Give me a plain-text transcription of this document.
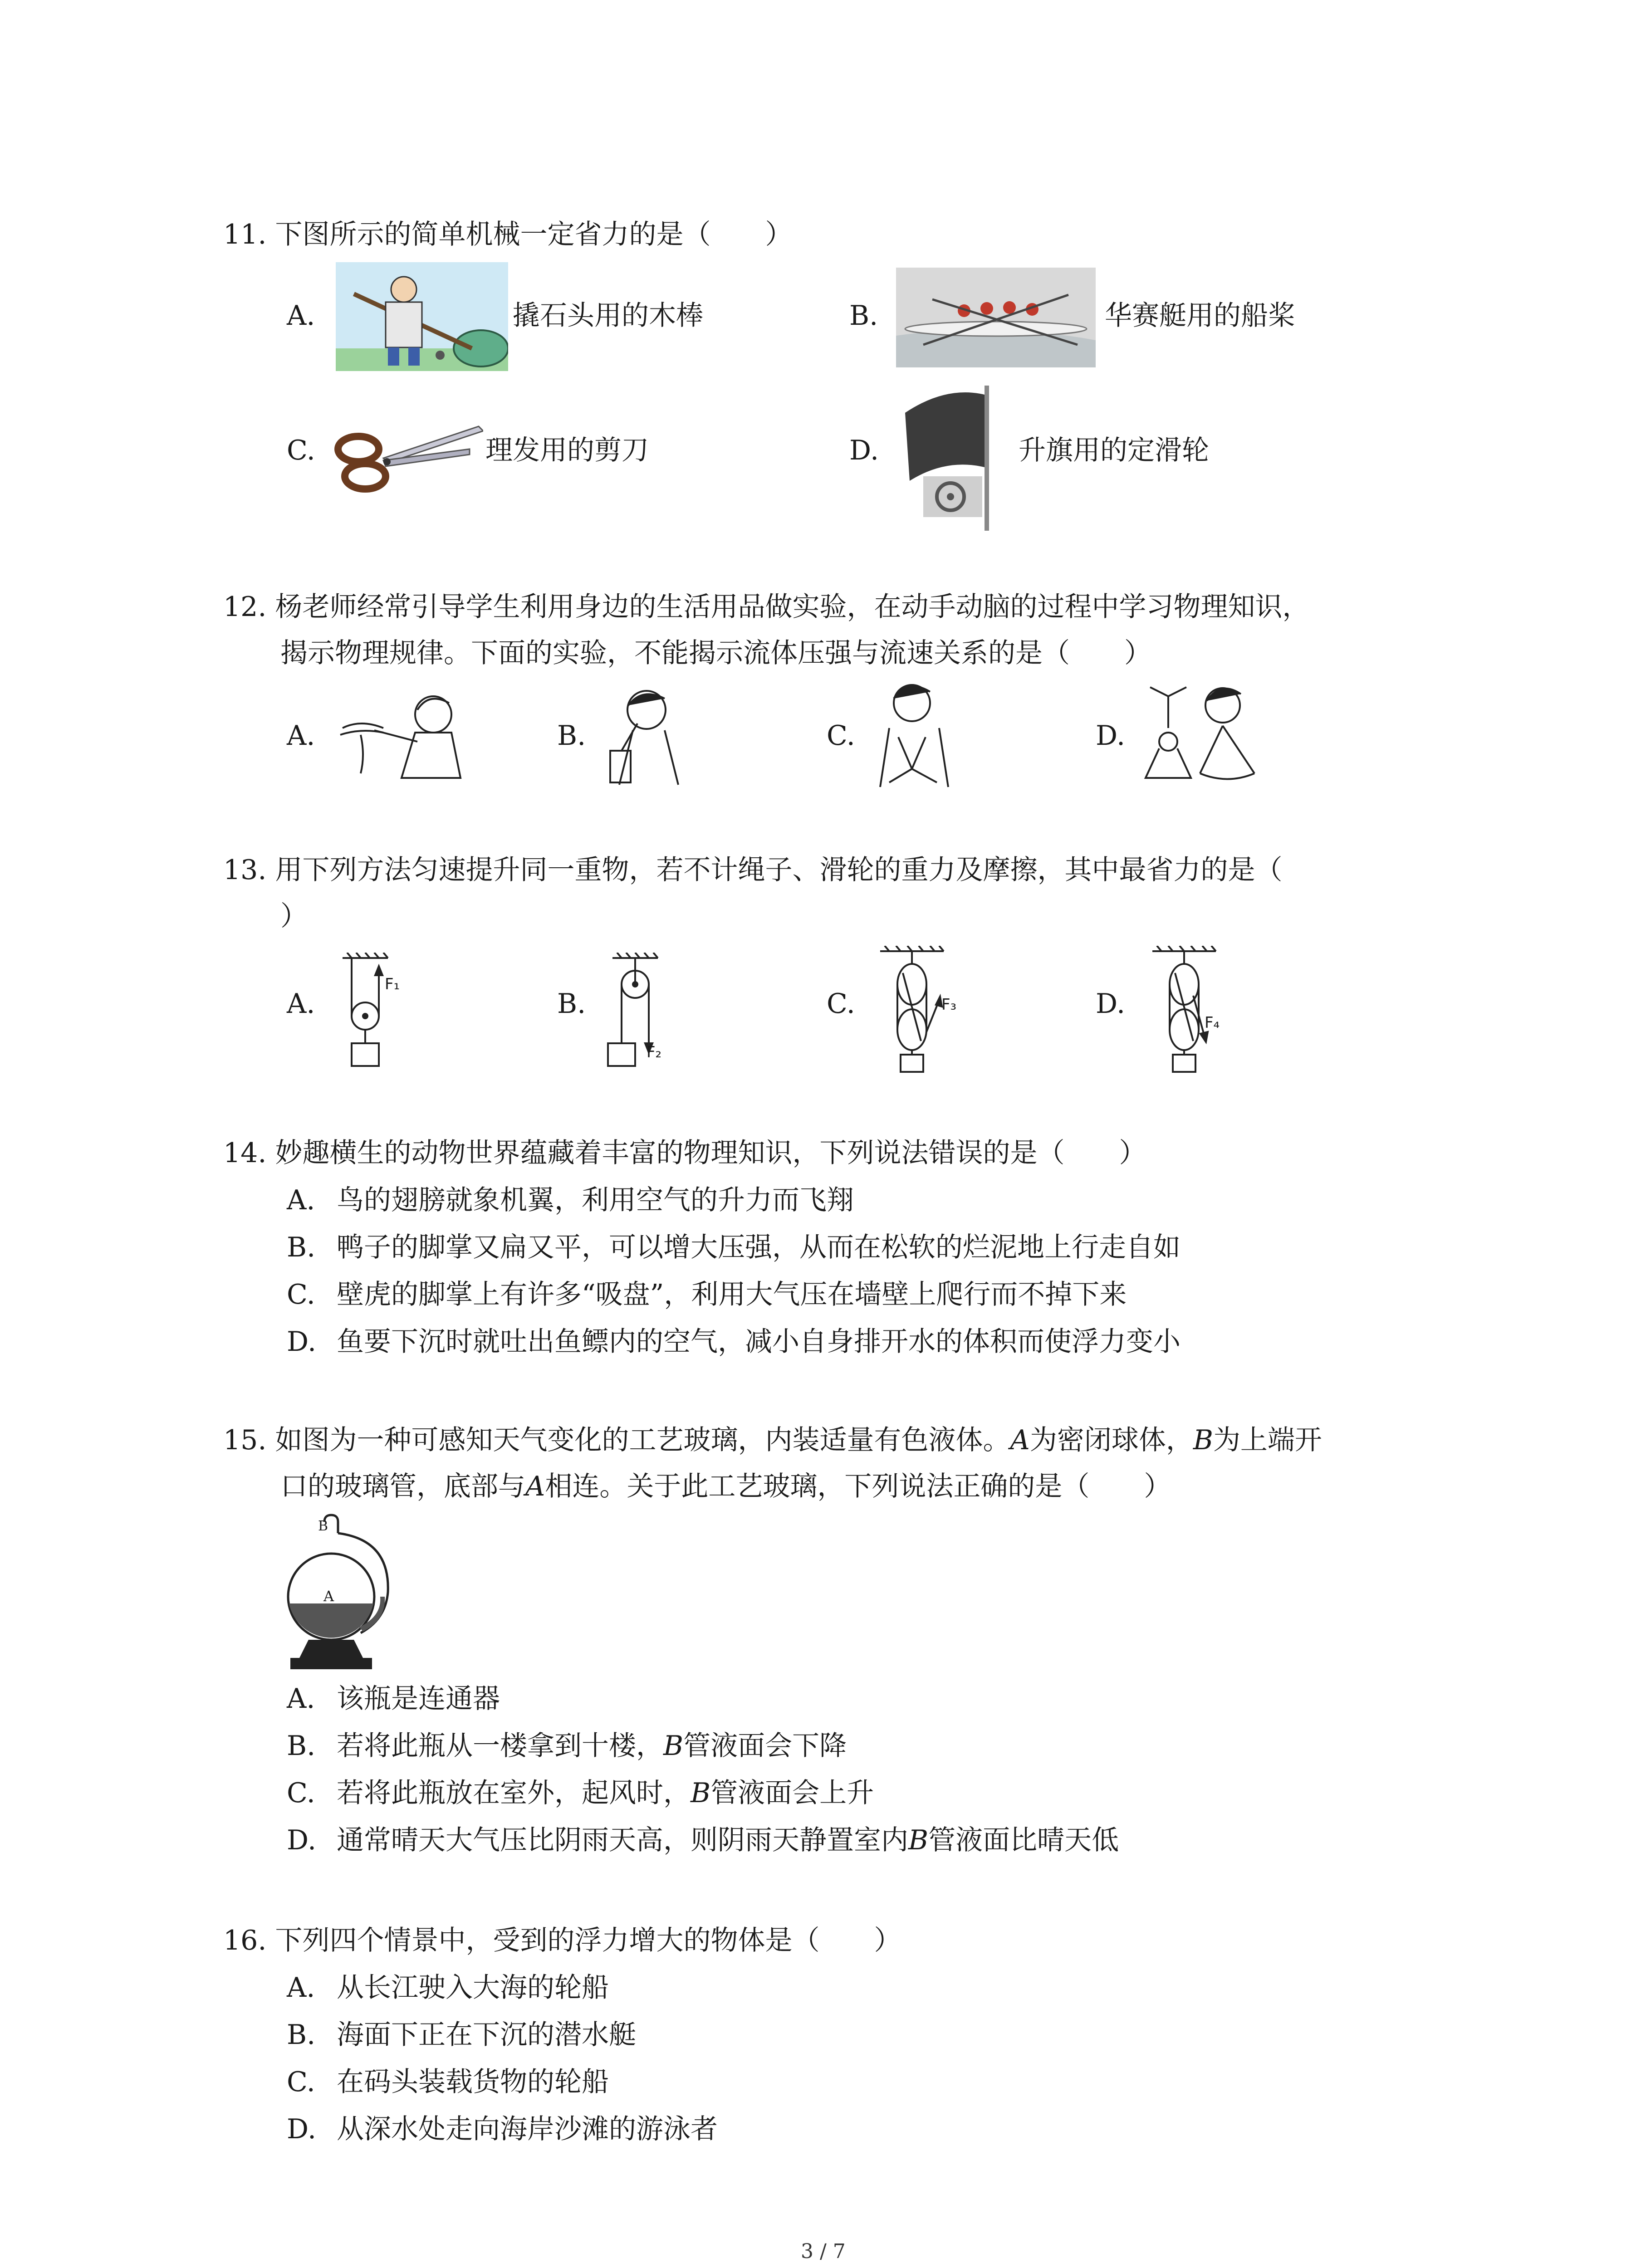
11. 下图所示的简单机械一定省力的是（　　）
A.	撬石头用的木棒	B.	华赛艇用的船桨
C.	理发用的剪刀	D.	升旗用的定滑轮
12. 杨老师经常引导学生利用身边的生活用品做实验，在动手动脑的过程中学习物理知识，
揭示物理规律。下面的实验，不能揭示流体压强与流速关系的是（　　）
A.	B.	C.	D.
13. 用下列方法匀速提升同一重物，若不计绳子、滑轮的重力及摩擦，其中最省力的是（
）
A.
F₁
B.
F₂
C.	F₃	D.
F₄
14. 妙趣横生的动物世界蕴藏着丰富的物理知识，下列说法错误的是（　　）
A. 鸟的翅膀就象机翼，利用空气的升力而飞翔
B. 鸭子的脚掌又扁又平，可以增大压强，从而在松软的烂泥地上行走自如
C. 壁虎的脚掌上有许多“吸盘”，利用大气压在墙壁上爬行而不掉下来
D. 鱼要下沉时就吐出鱼鳔内的空气，减小自身排开水的体积而使浮力变小
15. 如图为一种可感知天气变化的工艺玻璃，内装适量有色液体。A为密闭球体，B为上端开
口的玻璃管，底部与A相连。关于此工艺玻璃，下列说法正确的是（　　）
A
B
A. 该瓶是连通器
B. 若将此瓶从一楼拿到十楼，B管液面会下降
C. 若将此瓶放在室外，起风时，B管液面会上升
D. 通常晴天大气压比阴雨天高，则阴雨天静置室内B管液面比晴天低
16. 下列四个情景中，受到的浮力增大的物体是（　　）
A. 从长江驶入大海的轮船
B. 海面下正在下沉的潜水艇
C. 在码头装载货物的轮船
D. 从深水处走向海岸沙滩的游泳者
3 / 7
